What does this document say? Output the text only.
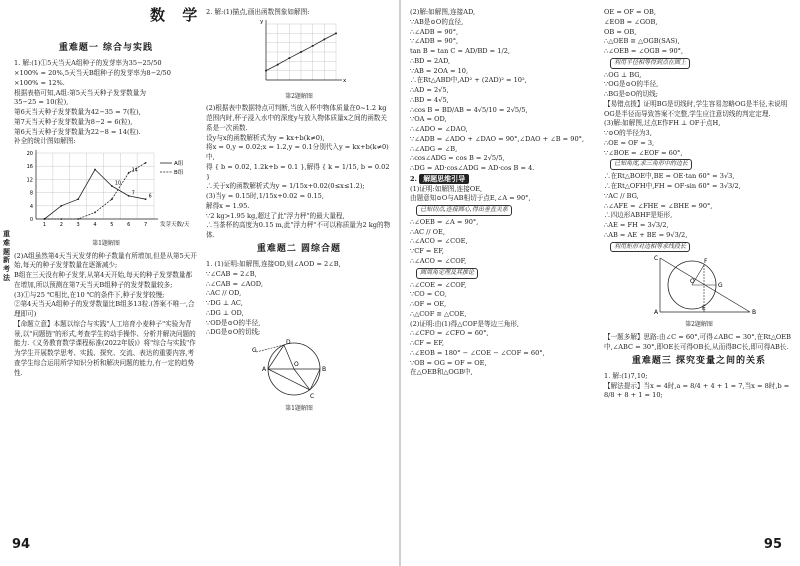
数 学
重难题新考法
重难题一 综合与实践
1. 解:(1)①5天当天A组种子的发芽率为35−25/50
×100% = 20%,5天当天B组种子的发芽率为8−2/50
×100% = 12%.
根据表格可知,A组:第5天当天种子发芽数量为
35−25 = 10(粒),
第6天当天种子发芽数量为42−35 = 7(粒),
第7天当天种子发芽数量为8−2 = 6(粒),
第6天当天种子发芽数量为22−8 = 14(粒).
补全的统计图如解图:
0
4
8
12
16
20
1	2	3	4	5	6	7 发芽天数/天
A组
B组
10
14
7
6
第1题解图
(2)A组虽然第4天当天发芽的种子数量有所增加,但是从第5天开始,每天的种子发芽数量在逐渐减少;
B组在三天没有种子发芽,从第4天开始,每天的种子发芽数量都在增加,所以预测在第7天当天B组种子的发芽数量较多;
(3)①与25 ℃相比,在10 ℃的条件下,种子发芽较慢;
②第4天当天A组种子的发芽数量比B组多13粒.(答案不唯一,合理即可)
【命题立意】本题以综合与实践"人工培育小麦种子"实验为背景,以"问题链"的形式,考查学生的动手操作、分析并解决问题的能力.《义务教育数学课程标准(2022年版)》将"综合与实践"作为学生开展数学思考、实践、探究、交流、表达的重要内容,考查学生综合运用所学知识分析和解决问题的能力,有一定的趋势性.
2. 解:(1)描点,画出函数图象如解图:
x
y
第2题解图
(2)根据表中数据特点可判断,当放入杯中物体质量在0~1.2 kg范围内时,杯子浸入水中的深度y与放入物体质量x之间的函数关系是一次函数.
设y与x的函数解析式为y = kx+b(k≠0),
将x = 0,y = 0.02;x = 1.2,y = 0.1分别代入y = kx+b(k≠0)中,
得 { b = 0.02, 1.2k+b = 0.1 },解得 { k = 1/15, b = 0.02 }
∴关于x的函数解析式为y = 1/15x+0.02(0≤x≤1.2);
(3)当y = 0.15时,1/15x+0.02 = 0.15,
解得x = 1.95.
∵2 kg>1.95 kg,超过了此"浮力秤"的最大量程,
∴当茶杯的高度为0.15 m,此"浮力秤"不可以称质量为2 kg的物体.
重难题二 圆综合题
1. (1)证明:如解图,连接OD,则∠AOD = 2∠B,
∵∠CAB = 2∠B,
∴∠CAB = ∠AOD,
∴AC // OD,
∵DG ⊥ AC,
∴DG ⊥ OD,
∵OD是⊙O的半径,
∴DG是⊙O的切线;
G
A	B
C
O
D
第1题解图
94
(2)解:如解图,连接AD,
∵AB是⊙O的直径,
∴∠ADB = 90°,
∵∠ADB = 90°,
tan B = tan C = AD/BD = 1/2,
∴BD = 2AD,
∵AB = 2OA = 10,
∴在Rt△ABD中,AD² + (2AD)² = 10²,
∴AD = 2√5,
∴BD = 4√5,
∴cos B = BD/AB = 4√5/10 = 2√5/5,
∵OA = OD,
∴∠ADO = ∠DAO,
∵∠ADB = ∠ADO + ∠DAO = 90°,∠DAO + ∠B = 90°,
∴∠ADG = ∠B,
∴cos∠ADG = cos B = 2√5/5,
∴DG = AD·cos∠ADG = AD·cos B = 4.
2. 解题思维引导
(1)证明:如解图,连接OE,
由题意知⊙O与AB相切于点E,∠A = 90°,
已知切点,连接圆心,得出垂直关系
∴∠OEB = ∠A = 90°,
∴AC // OE,
∴∠ACO = ∠COE,
∵CF = EF,
∴∠ACO = ∠COF,
圆周角定理及其推论
∴∠COE = ∠COF,
∵CO = CO,
∴OF = OE,
∴△COF ≅ △COE,
(2)证明:由(1)得△COF是等边三角形,
∴∠CFO = ∠CFO = 60°,
∴CF = EF,
∴∠EOB = 180° − ∠COE − ∠COF = 60°,
∵OB = OG = OF = OE,
在△OEB和△OGB中,
OE = OF = OB,
∠EOB = ∠GOB,
OB = OB,
∴△OEB ≅ △OGB(SAS),
∴∠OEB = ∠OGB = 90°,
利用半径相等得到点在圆上
∴OG ⊥ BG,
∵OG是⊙O的半径,
∴BG是⊙O的切线;
【易错点拨】证明BG是切线时,学生容易忽略OG是半径,未说明OG是半径而导致答案不完整,学生应注意切线的判定定理.
(3)解:如解图,过点E作FH ⊥ OF于点H,
∵⊙O的半径为3,
∴OE = OF = 3,
∵∠BOE = ∠EOF = 60°,
已知角度,求三角形中的边长
∴在Rt△BOE中,BE = OE·tan 60° = 3√3,
∴在Rt△OFH中,FH = OF·sin 60° = 3√3/2,
∵AC // BG,
∴∠AFE = ∠FHE = ∠BHE = 90°,
∴四边形ABHF是矩形,
∴AE = FH = 3√3/2,
∴AB = AE + BE = 9√3/2,
利用矩形对边相等求线段长
C
A	B
O
F
G
E
第2题解图
【一题多解】思路:由∠C = 60°,可得∠ABC = 30°,在Rt△OEB中,∠ABC = 30°,即OE长可得OB长,从而得BC长,即可得AB长.
重难题三 探究变量之间的关系
1. 解:(1)7,10;
【解法提示】当x = 4时,a = 8/4 + 4 + 1 = 7,当x = 8时,b =
8/8 + 8 + 1 = 10;
95
